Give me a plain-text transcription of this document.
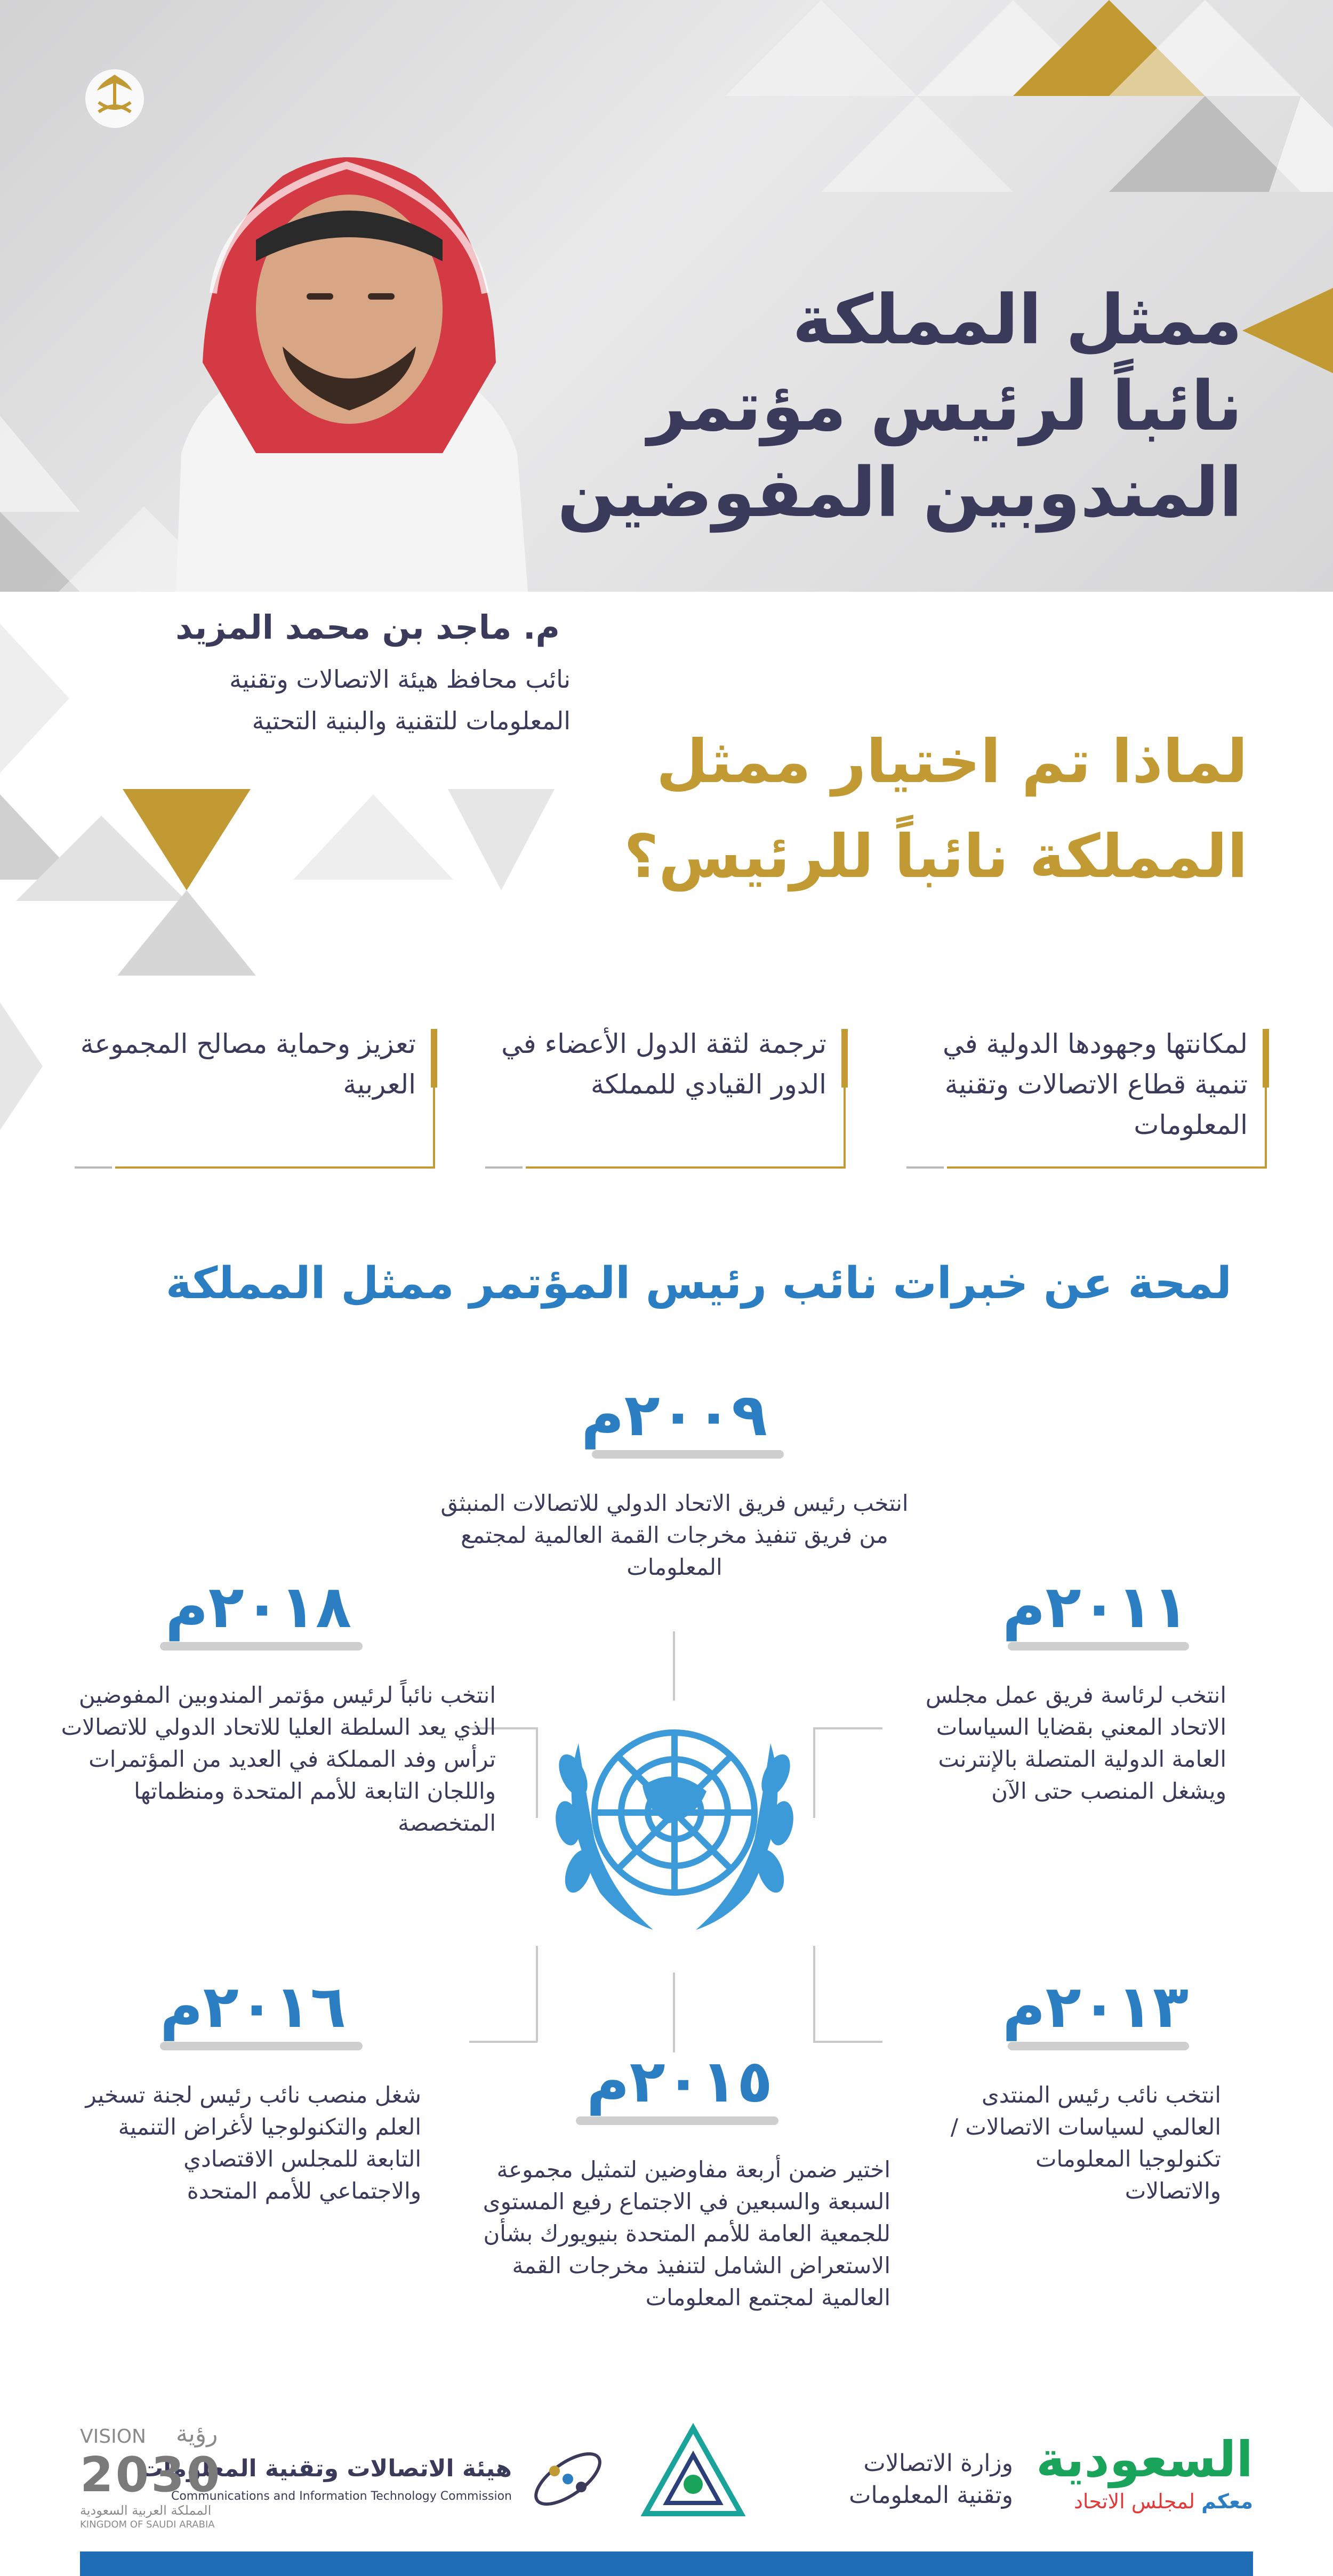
ممثل المملكة
نائباً لرئيس مؤتمر
المندوبين المفوضين
م. ماجد بن محمد المزيد
نائب محافظ هيئة الاتصالات وتقنية
المعلومات للتقنية والبنية التحتية
لماذا تم اختيار ممثل
المملكة نائباً للرئيس؟
لمكانتها وجهودها الدولية في تنمية قطاع الاتصالات وتقنية المعلومات
ترجمة لثقة الدول الأعضاء في الدور القيادي للمملكة
تعزيز وحماية مصالح المجموعة العربية
لمحة عن خبرات نائب رئيس المؤتمر ممثل المملكة
٢٠٠٩م
انتخب رئيس فريق الاتحاد الدولي للاتصالات المنبثق من فريق تنفيذ مخرجات القمة العالمية لمجتمع المعلومات
٢٠١١م
انتخب لرئاسة فريق عمل مجلس الاتحاد المعني بقضايا السياسات العامة الدولية المتصلة بالإنترنت ويشغل المنصب حتى الآن
٢٠١٨م
انتخب نائباً لرئيس مؤتمر المندوبين المفوضين الذي يعد السلطة العليا للاتحاد الدولي للاتصالات ترأس وفد المملكة في العديد من المؤتمرات واللجان التابعة للأمم المتحدة ومنظماتها المتخصصة
٢٠١٣م
انتخب نائب رئيس المنتدى العالمي لسياسات الاتصالات / تكنولوجيا المعلومات والاتصالات
٢٠١٦م
شغل منصب نائب رئيس لجنة تسخير العلم والتكنولوجيا لأغراض التنمية التابعة للمجلس الاقتصادي والاجتماعي للأمم المتحدة
٢٠١٥م
اختير ضمن أربعة مفاوضين لتمثيل مجموعة السبعة والسبعين في الاجتماع رفيع المستوى للجمعية العامة للأمم المتحدة بنيويورك بشأن الاستعراض الشامل لتنفيذ مخرجات القمة العالمية لمجتمع المعلومات
السعودية
معكم لمجلس الاتحاد
وزارة الاتصالات
وتقنية المعلومات
هيئة الاتصالات وتقنية المعلومات
Communications and Information Technology Commission
VISION رؤية
2030
المملكة العربية السعودية
KINGDOM OF SAUDI ARABIA
